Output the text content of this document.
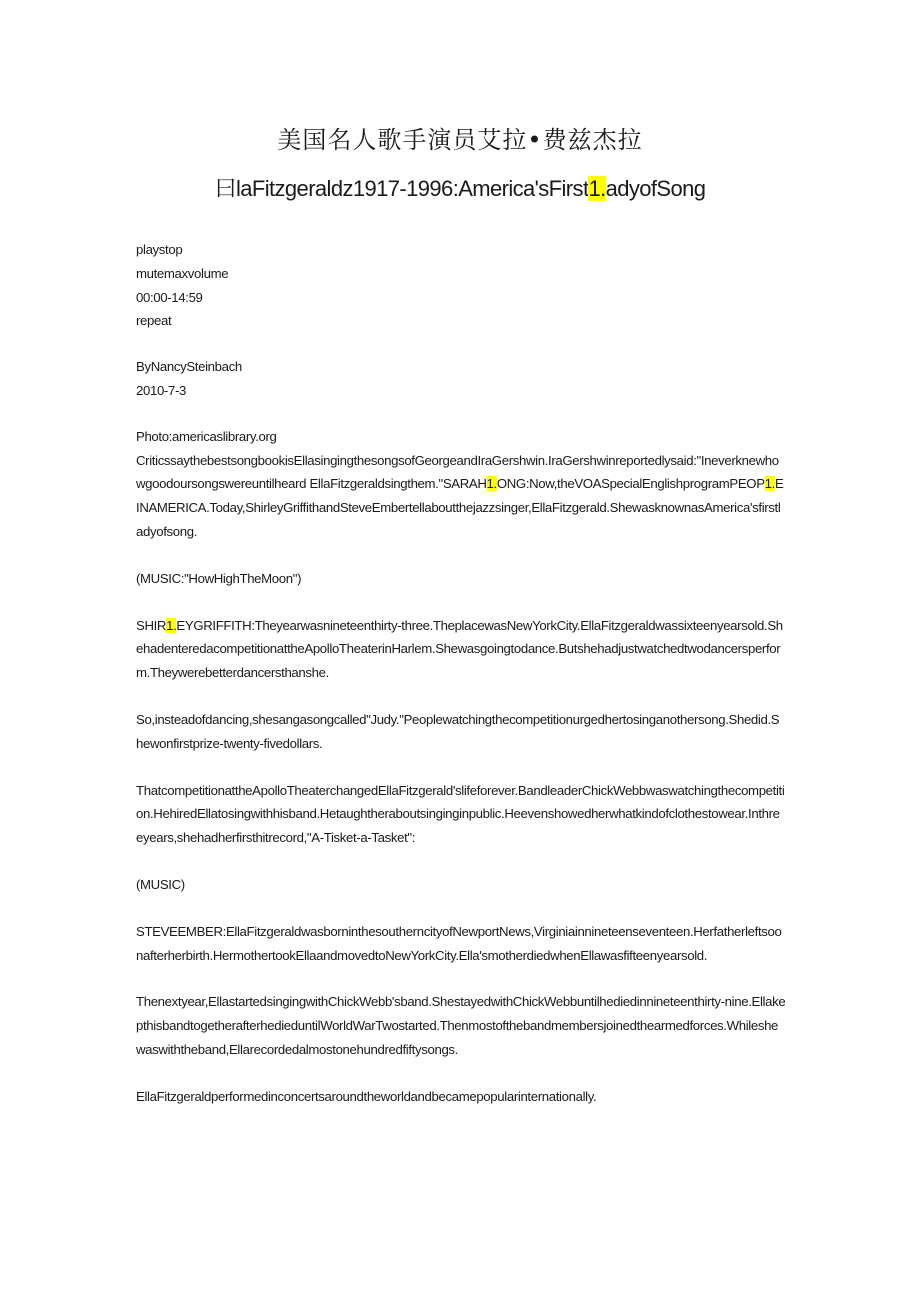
美国名人歌手演员艾拉•费兹杰拉
曰laFitzgeraldz1917-1996:America'sFirst1.adyofSong

playstop

mutemaxvolume

00:00-14:59

repeat

ByNancySteinbach

2010-7-3

Photo:americaslibrary.org

CriticssaythebestsongbookisEllasingingthesongsofGeorgeandIraGershwin.IraGershwinreportedlysaid:"Ineverknewhowgoodoursongswereuntilheard EllaFitzgeraldsingthem."SARAH1.ONG:Now,theVOASpecialEnglishprogramPEOP1.EINAMERICA.Today,ShirleyGriffithandSteveEmbertellaboutthejazzsinger,EllaFitzgerald.ShewasknownasAmerica'sfirstladyofsong.

(MUSIC:"HowHighTheMoon")

SHIR1.EYGRIFFITH:Theyearwasnineteenthirty-three.TheplacewasNewYorkCity.EllaFitzgeraldwassixteenyearsold.ShehadenteredacompetitionattheApolloTheaterinHarlem.Shewasgoingtodance.Butshehadjustwatchedtwodancersperform.Theywerebetterdancersthanshe.

So,insteadofdancing,shesangasongcalled"Judy."Peoplewatchingthecompetitionurgedhertosinganothersong.Shedid.Shewonfirstprize-twenty-fivedollars.

ThatcompetitionattheApolloTheaterchangedEllaFitzgerald'slifeforever.BandleaderChickWebbwaswatchingthecompetition.HehiredEllatosingwithhisband.Hetaughtheraboutsinginginpublic.Heevenshowedherwhatkindofclothestowear.Inthreeyears,shehadherfirsthitrecord,"A-Tisket-a-Tasket":

(MUSIC)

STEVEEMBER:EllaFitzgeraldwasborninthesoutherncityofNewportNews,Virginiainnineteenseventeen.Herfatherleftsoonafterherbirth.HermothertookEllaandmovedtoNewYorkCity.Ella'smotherdiedwhenEllawasfifteenyearsold.

Thenextyear,EllastartedsingingwithChickWebb'sband.ShestayedwithChickWebbuntilhediedinnineteenthirty-nine.EllakepthisbandtogetherafterhedieduntilWorldWarTwostarted.Thenmostofthebandmembersjoinedthearmedforces.Whileshewaswiththeband,Ellarecordedalmostonehundredfiftysongs.

EllaFitzgeraldperformedinconcertsaroundtheworldandbecamepopularinternationally.
